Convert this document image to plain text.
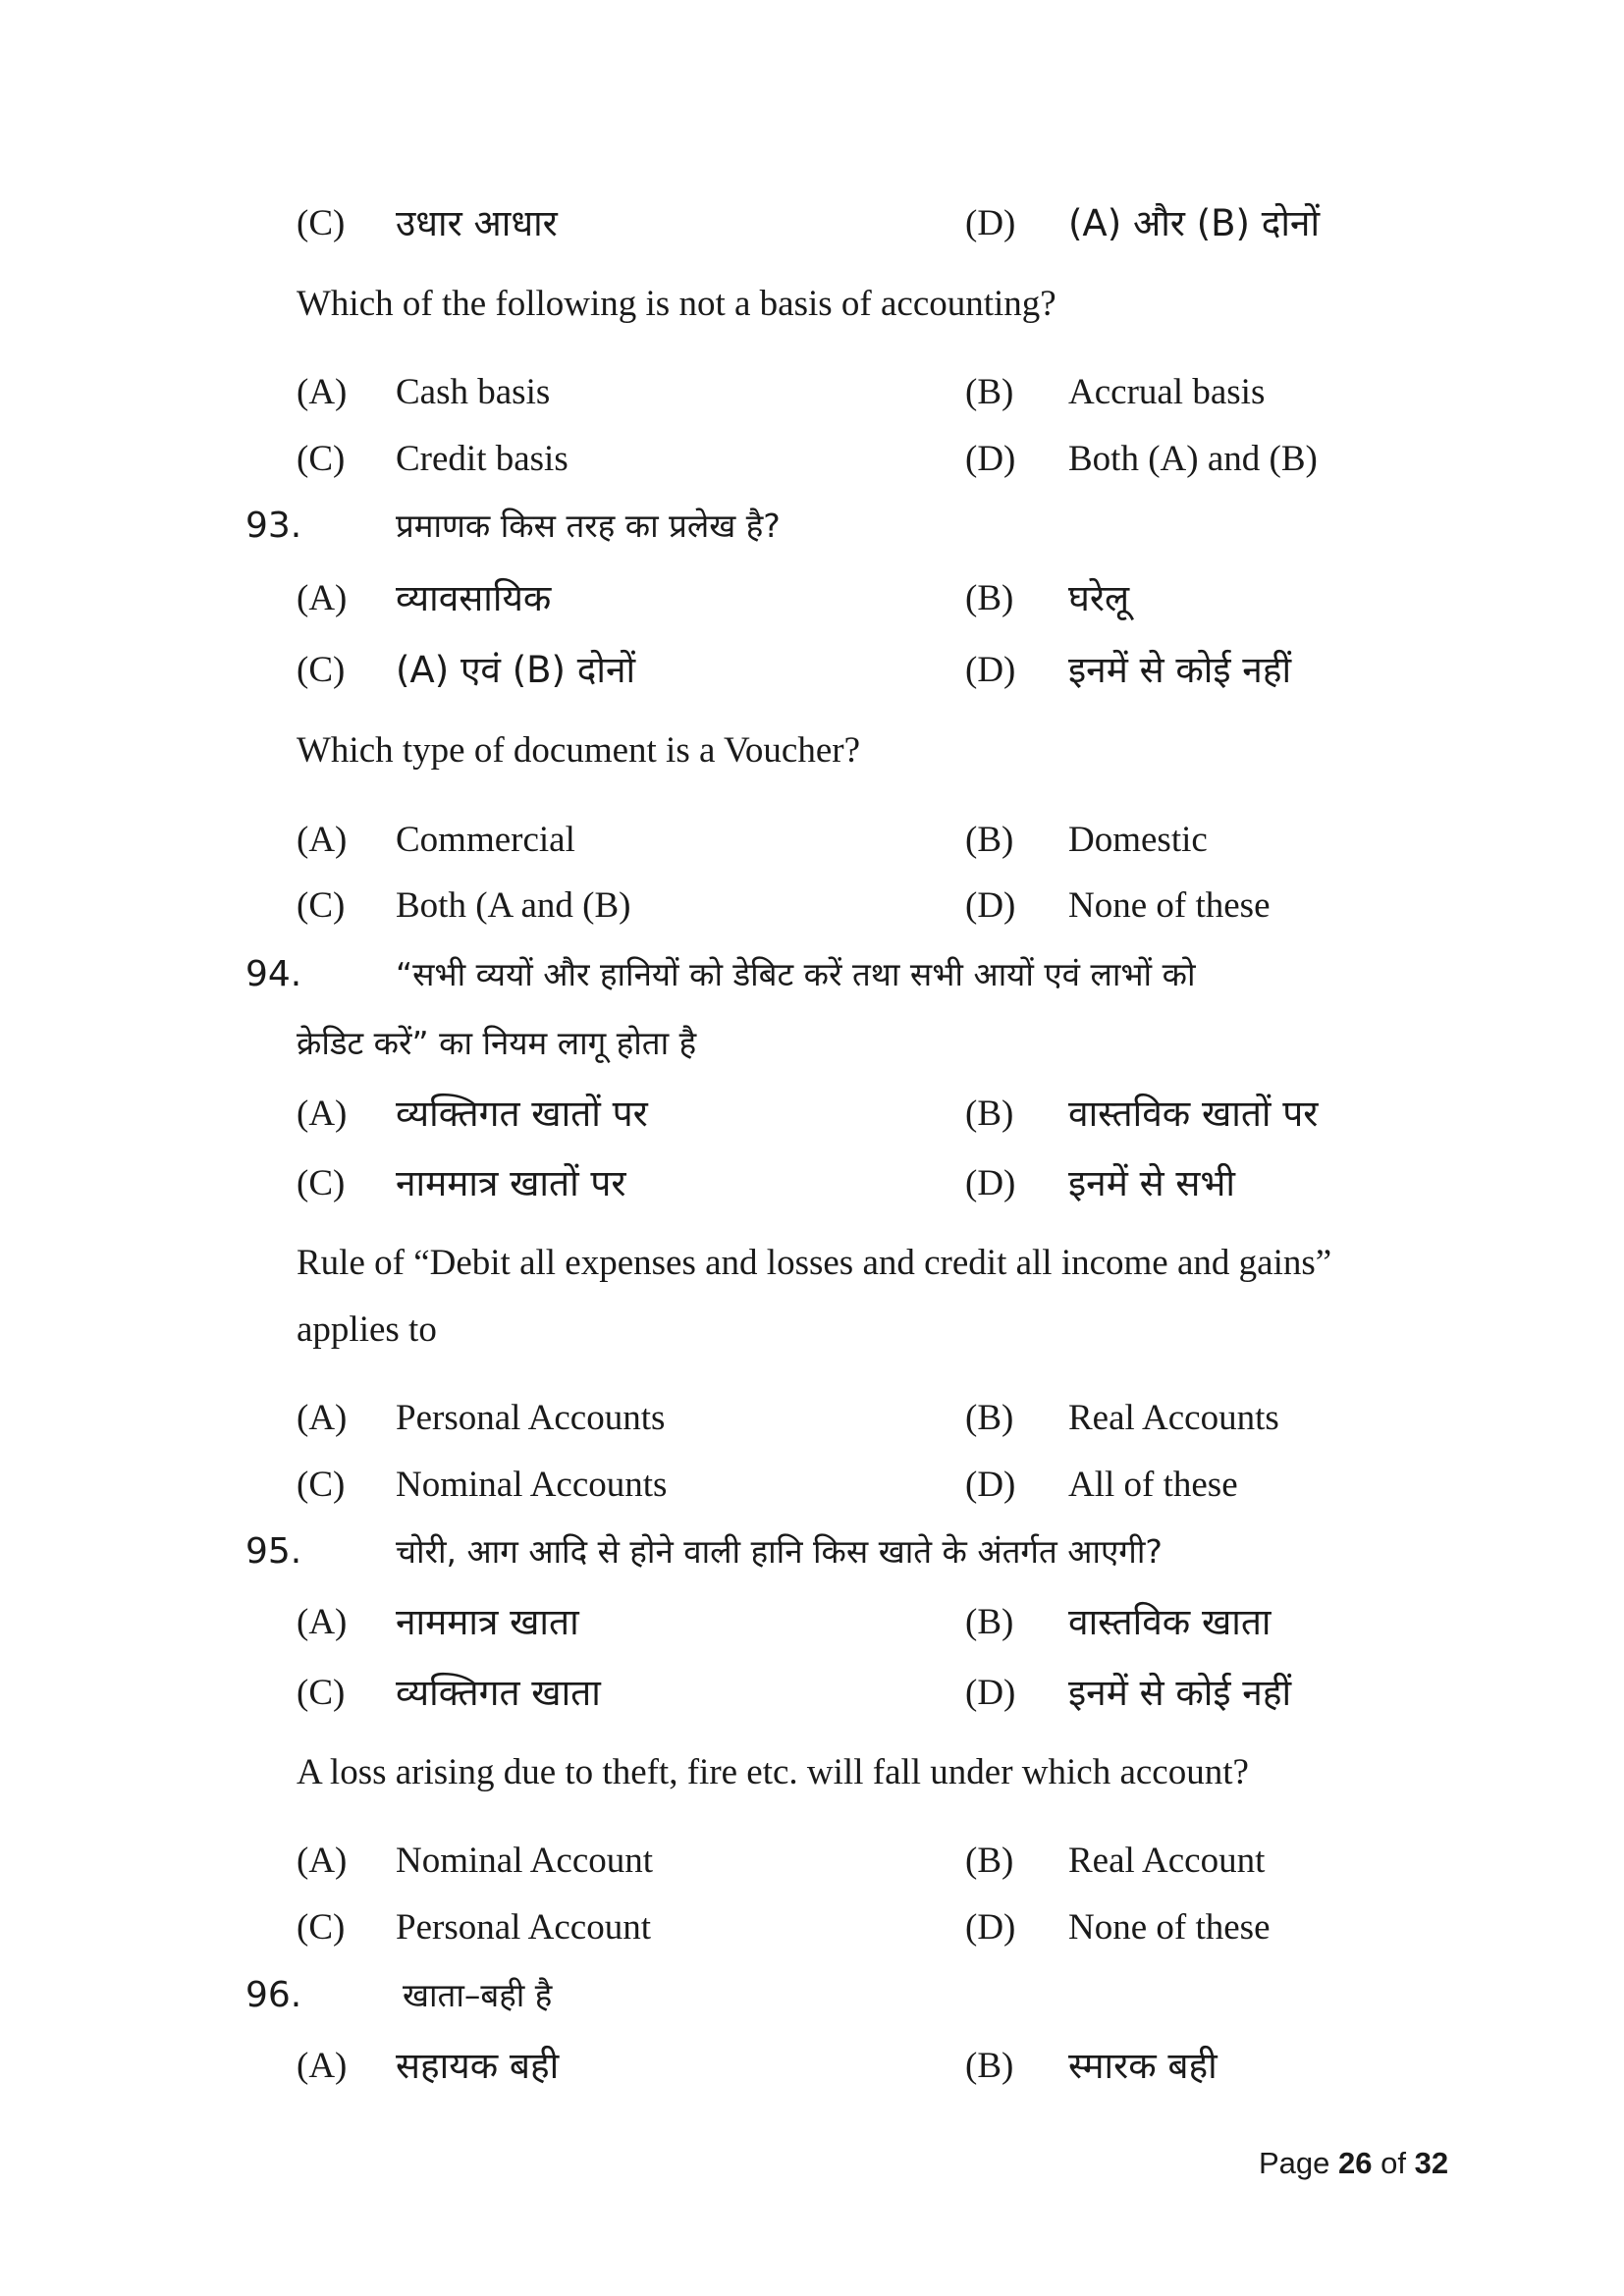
(C) उधार आधार	(D) (A) और (B) दोनों
Which of the following is not a basis of accounting?
(A) Cash basis	(B) Accrual basis
(C) Credit basis	(D) Both (A) and (B)
93.	प्रमाणक किस तरह का प्रलेख है?
(A) व्यावसायिक	(B) घरेलू
(C) (A) एवं (B) दोनों	(D) इनमें से कोई नहीं
Which type of document is a Voucher?
(A) Commercial	(B) Domestic
(C) Both (A and (B)	(D) None of these
94.	“सभी व्ययों और हानियों को डेबिट करें तथा सभी आयों एवं लाभों को
क्रेडिट करें” का नियम लागू होता है
(A) व्यक्तिगत खातों पर	(B) वास्तविक खातों पर
(C) नाममात्र खातों पर	(D) इनमें से सभी
Rule of “Debit all expenses and losses and credit all income and gains”
applies to
(A) Personal Accounts	(B) Real Accounts
(C) Nominal Accounts	(D) All of these
95.	चोरी, आग आदि से होने वाली हानि किस खाते के अंतर्गत आएगी?
(A) नाममात्र खाता	(B) वास्तविक खाता
(C) व्यक्तिगत खाता	(D) इनमें से कोई नहीं
A loss arising due to theft, fire etc. will fall under which account?
(A) Nominal Account	(B) Real Account
(C) Personal Account	(D) None of these
96.	खाता–बही है
(A) सहायक बही	(B) स्मारक बही
Page 26 of 32
